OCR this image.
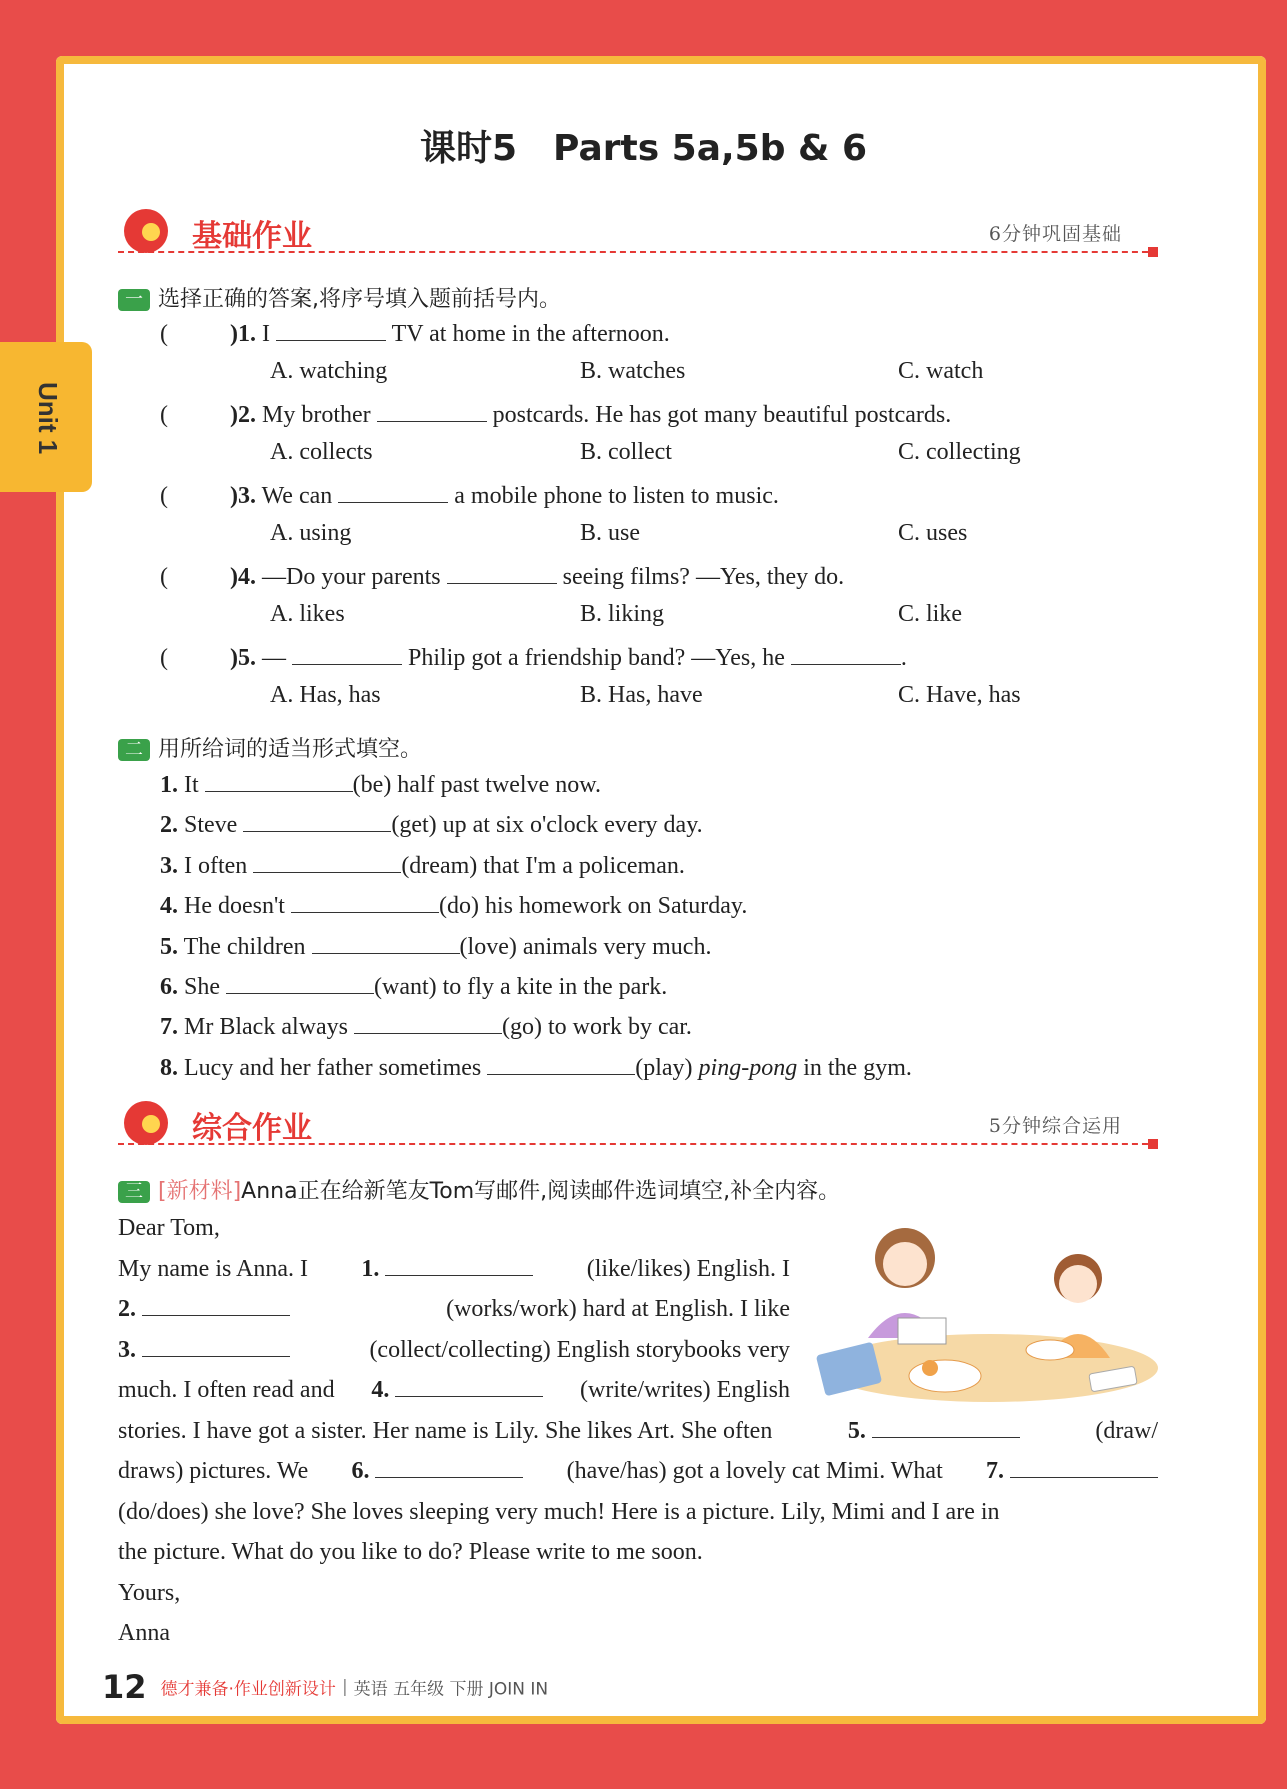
Unit 1
课时5　Parts 5a,5b & 6
基础作业	6分钟巩固基础
一 选择正确的答案,将序号填入题前括号内。
(	)1. I	TV at home in the afternoon.
A. watching	B. watches	C. watch
(	)2. My brother	postcards. He has got many beautiful postcards.
A. collects	B. collect	C. collecting
(	)3. We can	a mobile phone to listen to music.
A. using	B. use	C. uses
(	)4. —Do your parents	seeing films? —Yes, they do.
A. likes	B. liking	C. like
(	)5. —	Philip got a friendship band? —Yes, he	.
A. Has, has	B. Has, have	C. Have, has
二 用所给词的适当形式填空。
1. It	(be) half past twelve now.
2. Steve	(get) up at six o'clock every day.
3. I often	(dream) that I'm a policeman.
4. He doesn't	(do) his homework on Saturday.
5. The children	(love) animals very much.
6. She	(want) to fly a kite in the park.
7. Mr Black always	(go) to work by car.
8. Lucy and her father sometimes	(play) ping-pong in the gym.
综合作业	5分钟综合运用
三 [新材料]Anna正在给新笔友Tom写邮件,阅读邮件选词填空,补全内容。
Dear Tom,
My name is Anna. I 1.	(like/likes) English. I
2.	(works/work) hard at English. I like
3.	(collect/collecting) English storybooks very
much. I often read and 4.	(write/writes) English
stories. I have got a sister. Her name is Lily. She likes Art. She often	5.	(draw/
draws) pictures. We 6.	(have/has) got a lovely cat Mimi. What 7.
(do/does) she love? She loves sleeping very much! Here is a picture. Lily, Mimi and I are in
the picture. What do you like to do? Please write to me soon.
Yours,
Anna
12 德才兼备·作业创新设计 | 英语 五年级 下册 JOIN IN
